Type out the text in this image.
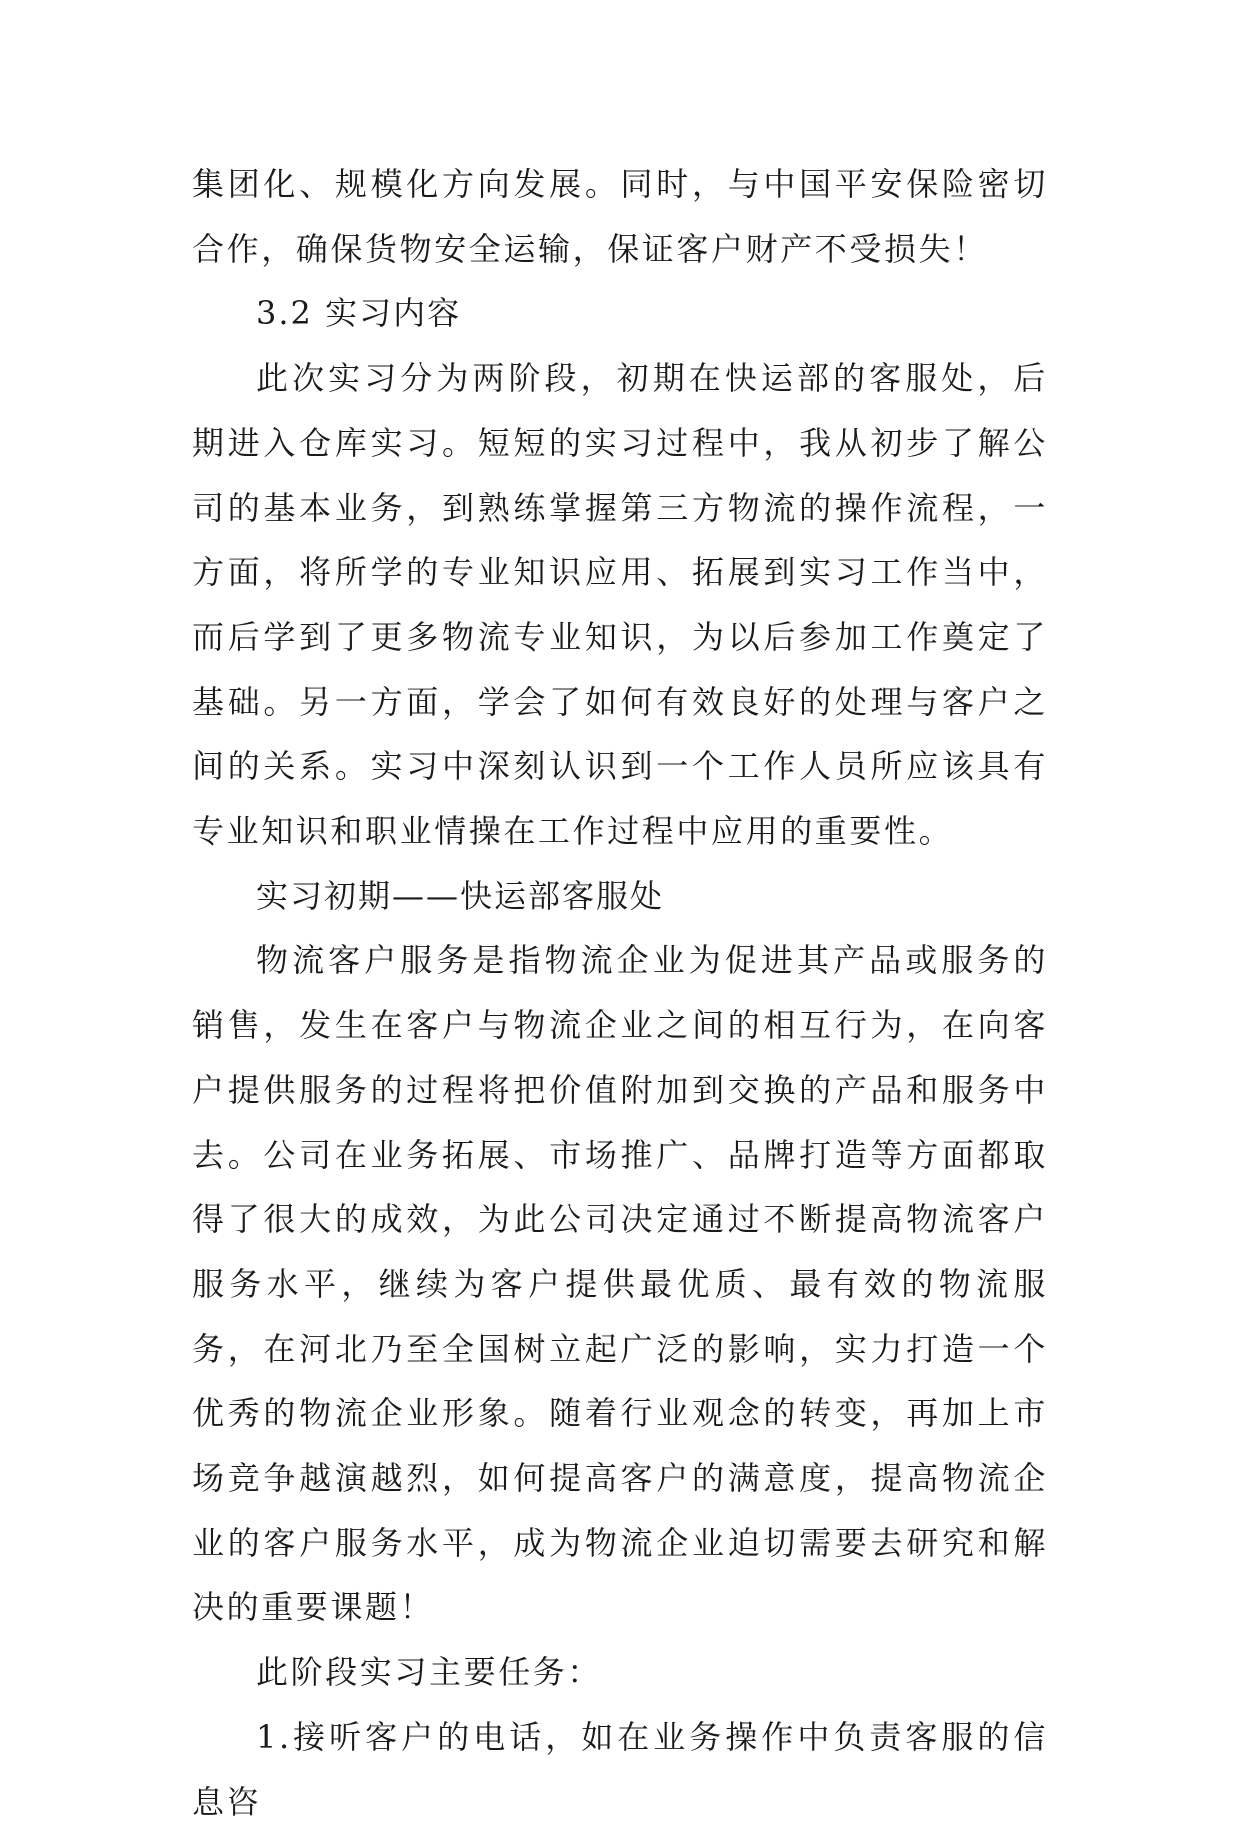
集团化、规模化方向发展。同时，与中国平安保险密切合作，确保货物安全运输，保证客户财产不受损失！

3.2 实习内容

此次实习分为两阶段，初期在快运部的客服处，后期进入仓库实习。短短的实习过程中，我从初步了解公司的基本业务，到熟练掌握第三方物流的操作流程，一方面，将所学的专业知识应用、拓展到实习工作当中，而后学到了更多物流专业知识，为以后参加工作奠定了基础。另一方面，学会了如何有效良好的处理与客户之间的关系。实习中深刻认识到一个工作人员所应该具有专业知识和职业情操在工作过程中应用的重要性。

实习初期——快运部客服处

物流客户服务是指物流企业为促进其产品或服务的销售，发生在客户与物流企业之间的相互行为，在向客户提供服务的过程将把价值附加到交换的产品和服务中去。公司在业务拓展、市场推广、品牌打造等方面都取得了很大的成效，为此公司决定通过不断提高物流客户服务水平，继续为客户提供最优质、最有效的物流服务，在河北乃至全国树立起广泛的影响，实力打造一个优秀的物流企业形象。随着行业观念的转变，再加上市场竞争越演越烈，如何提高客户的满意度，提高物流企业的客户服务水平，成为物流企业迫切需要去研究和解决的重要课题！

此阶段实习主要任务：

1.接听客户的电话，如在业务操作中负责客服的信息咨
